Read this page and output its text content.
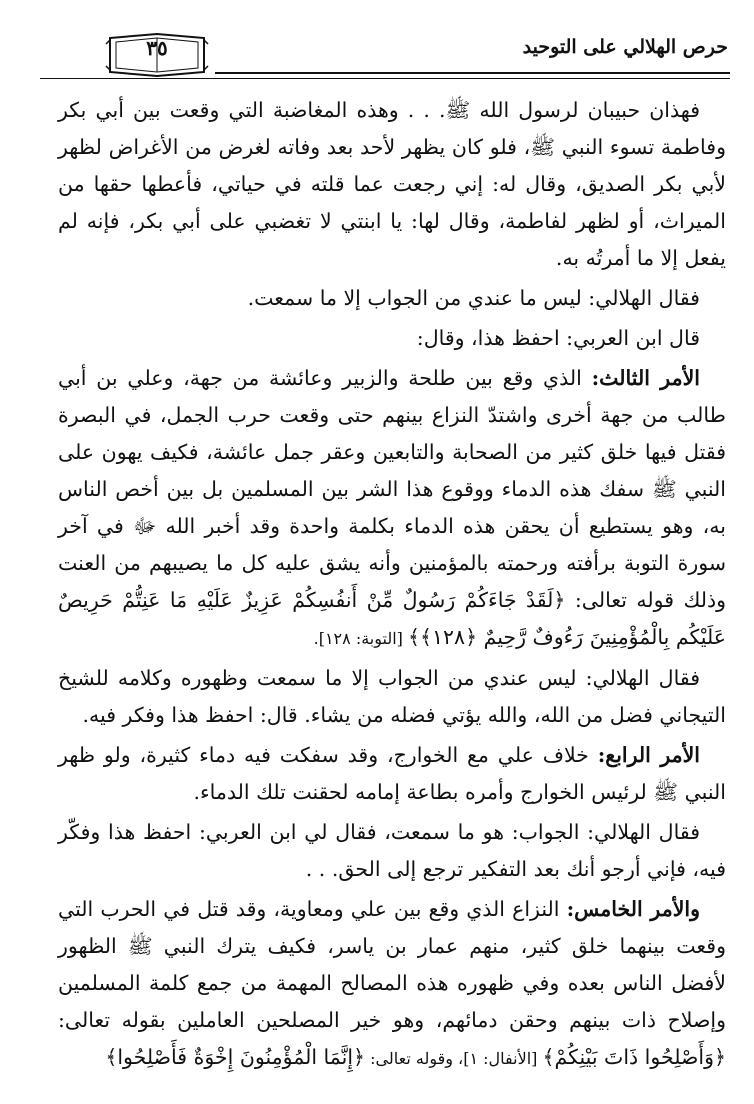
حرص الهلالي على التوحيد
٣٥

فهذان حبيبان لرسول الله ﷺ. . . وهذه المغاضبة التي وقعت بين أبي بكر وفاطمة تسوء النبي ﷺ، فلو كان يظهر لأحد بعد وفاته لغرض من الأغراض لظهر لأبي بكر الصديق، وقال له: إني رجعت عما قلته في حياتي، فأعطها حقها من الميراث، أو لظهر لفاطمة، وقال لها: يا ابنتي لا تغضبي على أبي بكر، فإنه لم يفعل إلا ما أمرتُه به.

فقال الهلالي: ليس ما عندي من الجواب إلا ما سمعت.

قال ابن العربي: احفظ هذا، وقال:

الأمر الثالث: الذي وقع بين طلحة والزبير وعائشة من جهة، وعلي بن أبي طالب من جهة أخرى واشتدّ النزاع بينهم حتى وقعت حرب الجمل، في البصرة فقتل فيها خلق كثير من الصحابة والتابعين وعقر جمل عائشة، فكيف يهون على النبي ﷺ سفك هذه الدماء ووقوع هذا الشر بين المسلمين بل بين أخص الناس به، وهو يستطيع أن يحقن هذه الدماء بكلمة واحدة وقد أخبر الله ﷻ في آخر سورة التوبة برأفته ورحمته بالمؤمنين وأنه يشق عليه كل ما يصيبهم من العنت وذلك قوله تعالى: ﴿لَقَدْ جَاءَكُمْ رَسُولٌ مِّنْ أَنفُسِكُمْ عَزِيزٌ عَلَيْهِ مَا عَنِتُّمْ حَرِيصٌ عَلَيْكُم بِالْمُؤْمِنِينَ رَءُوفٌ رَّحِيمٌ ﴿١٢٨﴾﴾ [التوبة: ١٢٨].

فقال الهلالي: ليس عندي من الجواب إلا ما سمعت وظهوره وكلامه للشيخ التيجاني فضل من الله، والله يؤتي فضله من يشاء. قال: احفظ هذا وفكر فيه.

الأمر الرابع: خلاف علي مع الخوارج، وقد سفكت فيه دماء كثيرة، ولو ظهر النبي ﷺ لرئيس الخوارج وأمره بطاعة إمامه لحقنت تلك الدماء.

فقال الهلالي: الجواب: هو ما سمعت، فقال لي ابن العربي: احفظ هذا وفكّر فيه، فإني أرجو أنك بعد التفكير ترجع إلى الحق. . .

والأمر الخامس: النزاع الذي وقع بين علي ومعاوية، وقد قتل في الحرب التي وقعت بينهما خلق كثير، منهم عمار بن ياسر، فكيف يترك النبي ﷺ الظهور لأفضل الناس بعده وفي ظهوره هذه المصالح المهمة من جمع كلمة المسلمين وإصلاح ذات بينهم وحقن دمائهم، وهو خير المصلحين العاملين بقوله تعالى: ﴿وَأَصْلِحُوا ذَاتَ بَيْنِكُمْ﴾ [الأنفال: ١]، وقوله تعالى: ﴿إِنَّمَا الْمُؤْمِنُونَ إِخْوَةٌ فَأَصْلِحُوا﴾
